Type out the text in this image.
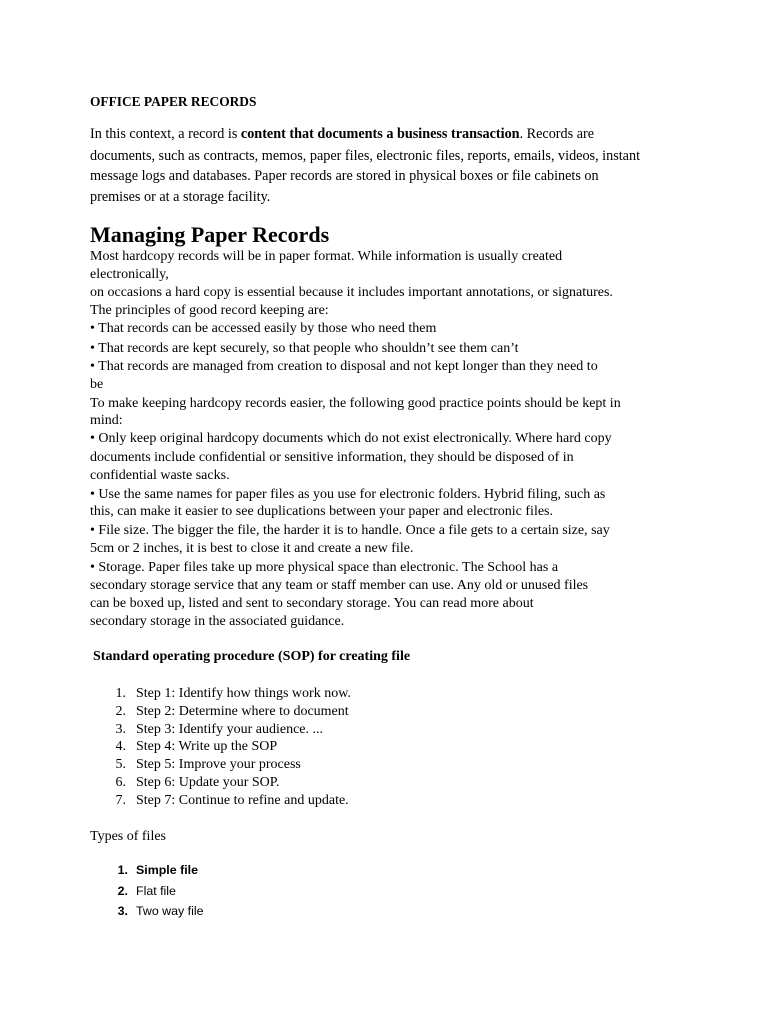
OFFICE PAPER RECORDS
In this context, a record is content that documents a business transaction. Records are
documents, such as contracts, memos, paper files, electronic files, reports, emails, videos, instant
message logs and databases. Paper records are stored in physical boxes or file cabinets on
premises or at a storage facility.
Managing Paper Records
Most hardcopy records will be in paper format. While information is usually created
electronically,
on occasions a hard copy is essential because it includes important annotations, or signatures.
The principles of good record keeping are:
• That records can be accessed easily by those who need them
• That records are kept securely, so that people who shouldn’t see them can’t
• That records are managed from creation to disposal and not kept longer than they need to
be
To make keeping hardcopy records easier, the following good practice points should be kept in
mind:
• Only keep original hardcopy documents which do not exist electronically. Where hard copy
documents include confidential or sensitive information, they should be disposed of in
confidential waste sacks.
• Use the same names for paper files as you use for electronic folders. Hybrid filing, such as
this, can make it easier to see duplications between your paper and electronic files.
• File size. The bigger the file, the harder it is to handle. Once a file gets to a certain size, say
5cm or 2 inches, it is best to close it and create a new file.
• Storage. Paper files take up more physical space than electronic. The School has a
secondary storage service that any team or staff member can use. Any old or unused files
can be boxed up, listed and sent to secondary storage. You can read more about
secondary storage in the associated guidance.
Standard operating procedure (SOP) for creating file
1. Step 1: Identify how things work now.
2. Step 2: Determine where to document
3. Step 3: Identify your audience. ...
4. Step 4: Write up the SOP
5. Step 5: Improve your process
6. Step 6: Update your SOP.
7. Step 7: Continue to refine and update.
Types of files
1. Simple file
2. Flat file
3. Two way file
